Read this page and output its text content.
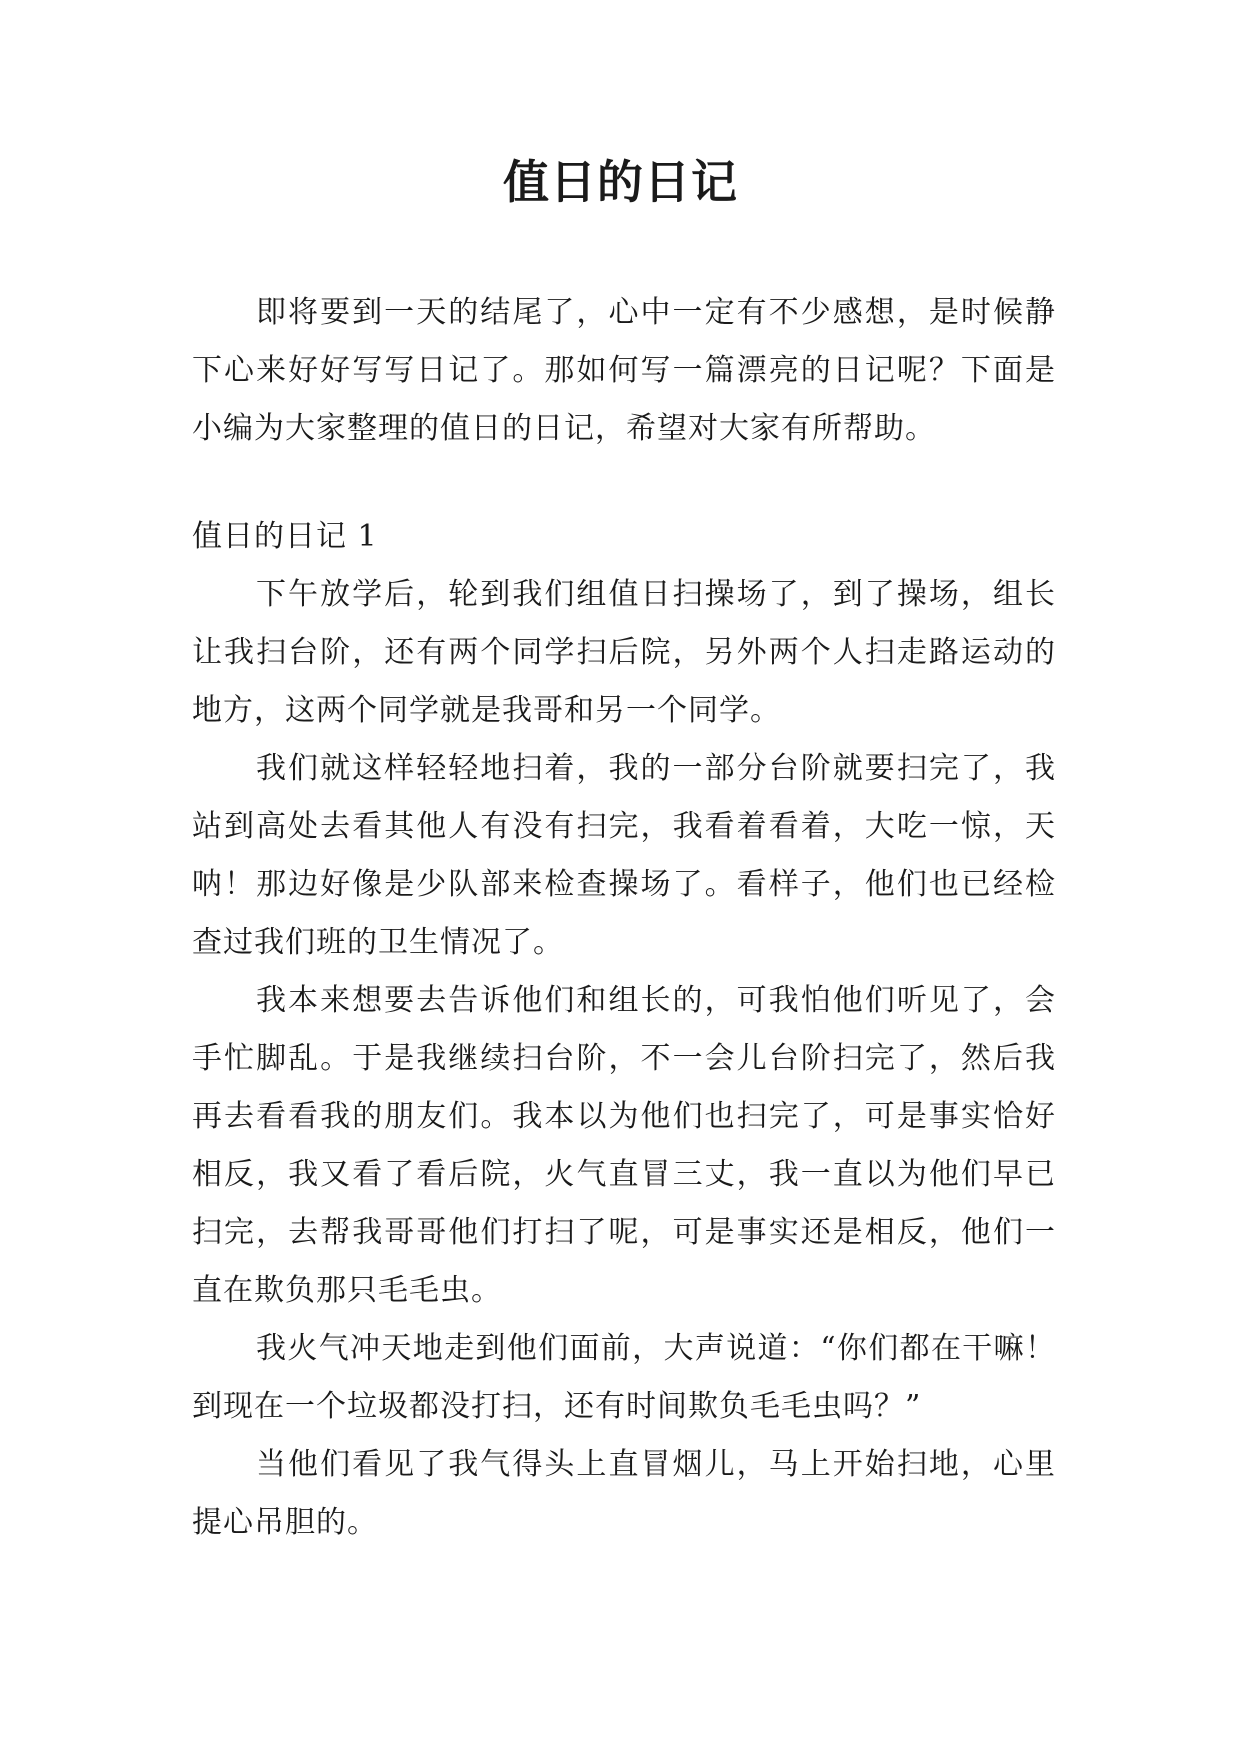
值日的日记

即将要到一天的结尾了，心中一定有不少感想，是时候静下心来好好写写日记了。那如何写一篇漂亮的日记呢？下面是小编为大家整理的值日的日记，希望对大家有所帮助。

值日的日记 1

下午放学后，轮到我们组值日扫操场了，到了操场，组长让我扫台阶，还有两个同学扫后院，另外两个人扫走路运动的地方，这两个同学就是我哥和另一个同学。

我们就这样轻轻地扫着，我的一部分台阶就要扫完了，我站到高处去看其他人有没有扫完，我看着看着，大吃一惊，天呐！那边好像是少队部来检查操场了。看样子，他们也已经检查过我们班的卫生情况了。

我本来想要去告诉他们和组长的，可我怕他们听见了，会手忙脚乱。于是我继续扫台阶，不一会儿台阶扫完了，然后我再去看看我的朋友们。我本以为他们也扫完了，可是事实恰好相反，我又看了看后院，火气直冒三丈，我一直以为他们早已扫完，去帮我哥哥他们打扫了呢，可是事实还是相反，他们一直在欺负那只毛毛虫。

我火气冲天地走到他们面前，大声说道：“你们都在干嘛！到现在一个垃圾都没打扫，还有时间欺负毛毛虫吗？”

当他们看见了我气得头上直冒烟儿，马上开始扫地，心里提心吊胆的。
